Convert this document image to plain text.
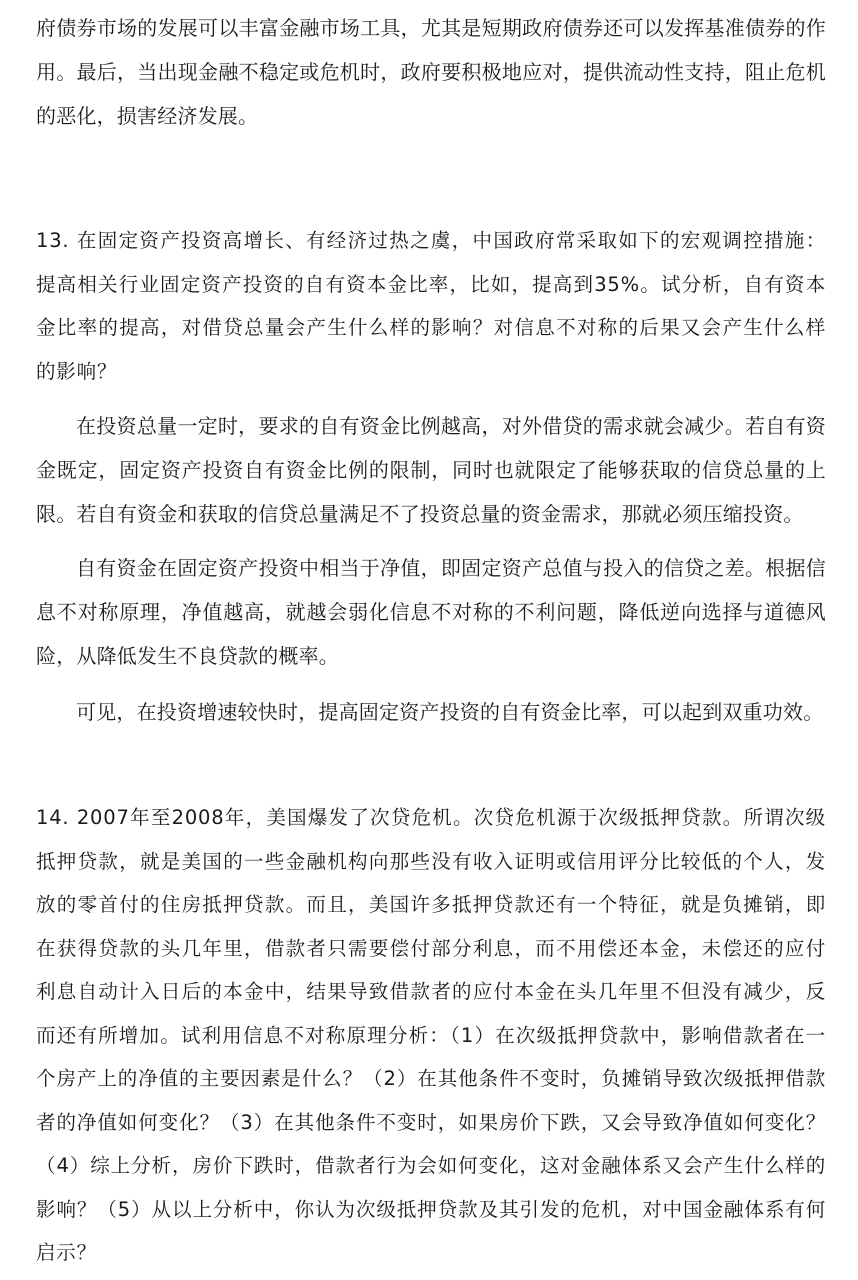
府债券市场的发展可以丰富金融市场工具，尤其是短期政府债券还可以发挥基准债券的作用。最后，当出现金融不稳定或危机时，政府要积极地应对，提供流动性支持，阻止危机的恶化，损害经济发展。

13. 在固定资产投资高增长、有经济过热之虞，中国政府常采取如下的宏观调控措施：提高相关行业固定资产投资的自有资本金比率，比如，提高到35%。试分析，自有资本金比率的提高，对借贷总量会产生什么样的影响？对信息不对称的后果又会产生什么样的影响？

在投资总量一定时，要求的自有资金比例越高，对外借贷的需求就会减少。若自有资金既定，固定资产投资自有资金比例的限制，同时也就限定了能够获取的信贷总量的上限。若自有资金和获取的信贷总量满足不了投资总量的资金需求，那就必须压缩投资。

自有资金在固定资产投资中相当于净值，即固定资产总值与投入的信贷之差。根据信息不对称原理，净值越高，就越会弱化信息不对称的不利问题，降低逆向选择与道德风险，从降低发生不良贷款的概率。

可见，在投资增速较快时，提高固定资产投资的自有资金比率，可以起到双重功效。

14. 2007年至2008年，美国爆发了次贷危机。次贷危机源于次级抵押贷款。所谓次级抵押贷款，就是美国的一些金融机构向那些没有收入证明或信用评分比较低的个人，发放的零首付的住房抵押贷款。而且，美国许多抵押贷款还有一个特征，就是负摊销，即在获得贷款的头几年里，借款者只需要偿付部分利息，而不用偿还本金，未偿还的应付利息自动计入日后的本金中，结果导致借款者的应付本金在头几年里不但没有减少，反而还有所增加。试利用信息不对称原理分析：（1）在次级抵押贷款中，影响借款者在一个房产上的净值的主要因素是什么？（2）在其他条件不变时，负摊销导致次级抵押借款者的净值如何变化？（3）在其他条件不变时，如果房价下跌，又会导致净值如何变化？（4）综上分析，房价下跌时，借款者行为会如何变化，这对金融体系又会产生什么样的影响？（5）从以上分析中，你认为次级抵押贷款及其引发的危机，对中国金融体系有何启示？
